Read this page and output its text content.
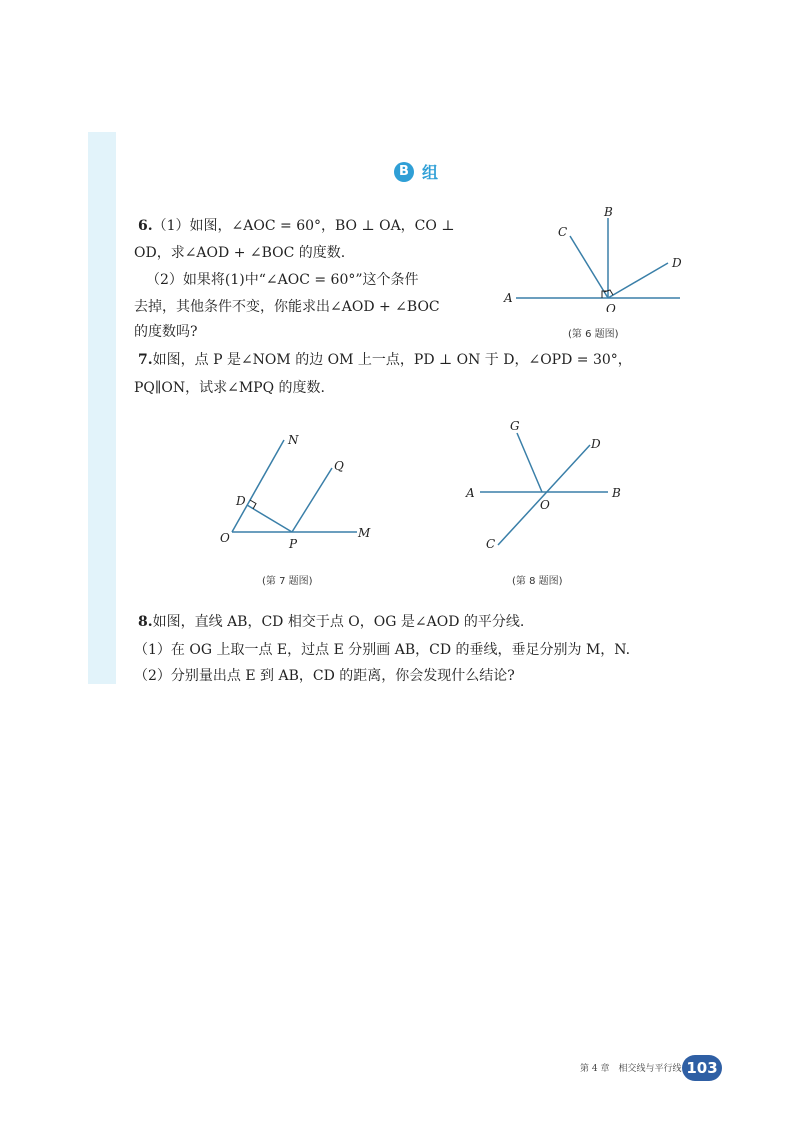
B 组
6.（1）如图，∠AOC = 60°，BO ⊥ OA，CO ⊥
OD，求∠AOD + ∠BOC 的度数.
（2）如果将(1)中“∠AOC = 60°”这个条件
去掉，其他条件不变，你能求出∠AOD + ∠BOC
的度数吗?
A
B
C
D
O
(第 6 题图)
7.如图，点 P 是∠NOM 的边 OM 上一点，PD ⊥ ON 于 D，∠OPD = 30°，
PQ∥ON，试求∠MPQ 的度数.
N
Q
D
O	P
M
(第 7 题图)
G
D
A	B
O
C
(第 8 题图)
8.如图，直线 AB，CD 相交于点 O，OG 是∠AOD 的平分线.
（1）在 OG 上取一点 E，过点 E 分别画 AB，CD 的垂线，垂足分别为 M，N.
（2）分别量出点 E 到 AB，CD 的距离，你会发现什么结论?
第 4 章　相交线与平行线 103
